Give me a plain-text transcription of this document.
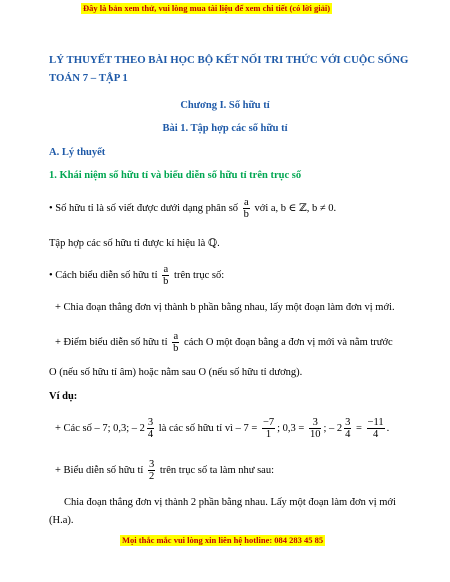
Đây là bản xem thử, vui lòng mua tài liệu để xem chi tiết (có lời giải)
LÝ THUYẾT THEO BÀI HỌC BỘ KẾT NỐI TRI THỨC VỚI CUỘC SỐNG
TOÁN 7 – TẬP 1
Chương I. Số hữu tỉ
Bài 1. Tập hợp các số hữu tỉ
A. Lý thuyết
1. Khái niệm số hữu tỉ và biểu diễn số hữu tỉ trên trục số
• Số hữu tỉ là số viết được dưới dạng phân số $\frac{a}{b}$ với a, b ∈ ℤ, b ≠ 0.
Tập hợp các số hữu tỉ được kí hiệu là ℚ.
• Cách biểu diễn số hữu tỉ $\frac{a}{b}$ trên trục số:
+ Chia đoạn thẳng đơn vị thành b phần bằng nhau, lấy một đoạn làm đơn vị mới.
+ Điểm biểu diễn số hữu tỉ $\frac{a}{b}$ cách O một đoạn bằng a đơn vị mới và nằm trước
O (nếu số hữu tỉ âm) hoặc nằm sau O (nếu số hữu tỉ dương).
Ví dụ:
+ Các số – 7; 0,3; – $2 \frac{3}{4}$ là các số hữu tỉ vì – $7 = \frac{-7}{1}$ ; $0,3 = \frac{3}{10}$ ; – $2 \frac{3}{4} = \frac{-11}{4}$ .
+ Biểu diễn số hữu tỉ $\frac{3}{2}$ trên trục số ta làm như sau:
Chia đoạn thẳng đơn vị thành 2 phần bằng nhau. Lấy một đoạn làm đơn vị mới
(H.a).
Mọi thắc mắc vui lòng xin liên hệ hotline: 084 283 45 85
